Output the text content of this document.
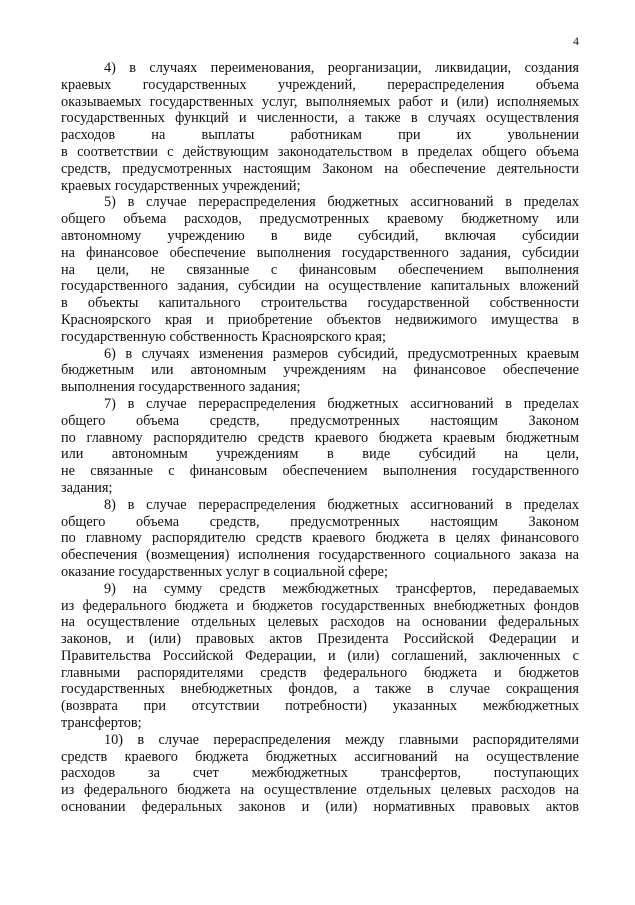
4
4) в случаях переименования, реорганизации, ликвидации, создания
краевых государственных учреждений, перераспределения объема
оказываемых государственных услуг, выполняемых работ и (или) исполняемых
государственных функций и численности, а также в случаях осуществления
расходов на выплаты работникам при их увольнении
в соответствии с действующим законодательством в пределах общего объема
средств, предусмотренных настоящим Законом на обеспечение деятельности
краевых государственных учреждений;
5) в случае перераспределения бюджетных ассигнований в пределах
общего объема расходов, предусмотренных краевому бюджетному или
автономному учреждению в виде субсидий, включая субсидии
на финансовое обеспечение выполнения государственного задания, субсидии
на цели, не связанные с финансовым обеспечением выполнения
государственного задания, субсидии на осуществление капитальных вложений
в объекты капитального строительства государственной собственности
Красноярского края и приобретение объектов недвижимого имущества в
государственную собственность Красноярского края;
6) в случаях изменения размеров субсидий, предусмотренных краевым
бюджетным или автономным учреждениям на финансовое обеспечение
выполнения государственного задания;
7) в случае перераспределения бюджетных ассигнований в пределах
общего объема средств, предусмотренных настоящим Законом
по главному распорядителю средств краевого бюджета краевым бюджетным
или автономным учреждениям в виде субсидий на цели,
не связанные с финансовым обеспечением выполнения государственного
задания;
8) в случае перераспределения бюджетных ассигнований в пределах
общего объема средств, предусмотренных настоящим Законом
по главному распорядителю средств краевого бюджета в целях финансового
обеспечения (возмещения) исполнения государственного социального заказа на
оказание государственных услуг в социальной сфере;
9) на сумму средств межбюджетных трансфертов, передаваемых
из федерального бюджета и бюджетов государственных внебюджетных фондов
на осуществление отдельных целевых расходов на основании федеральных
законов, и (или) правовых актов Президента Российской Федерации и
Правительства Российской Федерации, и (или) соглашений, заключенных с
главными распорядителями средств федерального бюджета и бюджетов
государственных внебюджетных фондов, а также в случае сокращения
(возврата при отсутствии потребности) указанных межбюджетных
трансфертов;
10) в случае перераспределения между главными распорядителями
средств краевого бюджета бюджетных ассигнований на осуществление
расходов за счет межбюджетных трансфертов, поступающих
из федерального бюджета на осуществление отдельных целевых расходов на
основании федеральных законов и (или) нормативных правовых актов
